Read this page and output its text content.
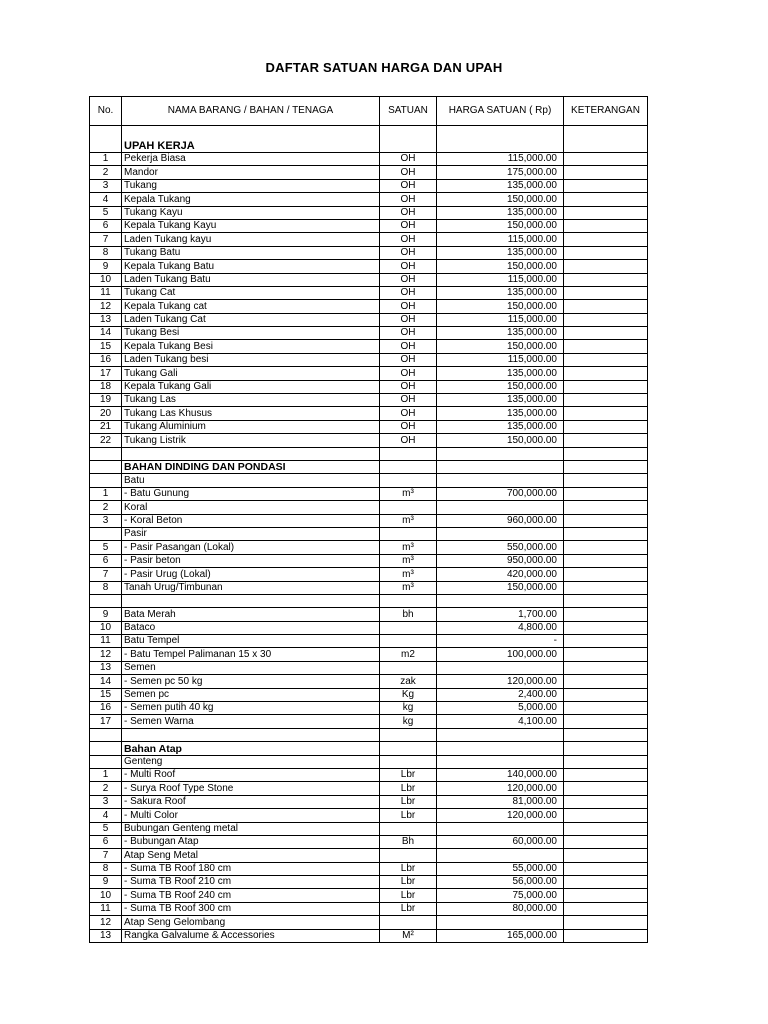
DAFTAR SATUAN HARGA DAN UPAH
No.	NAMA BARANG / BAHAN / TENAGA	SATUAN	HARGA SATUAN ( Rp)	KETERANGAN
	UPAH KERJA			
1	Pekerja Biasa	OH	115,000.00	
2	Mandor	OH	175,000.00	
3	Tukang	OH	135,000.00	
4	Kepala Tukang	OH	150,000.00	
5	Tukang Kayu	OH	135,000.00	
6	Kepala Tukang Kayu	OH	150,000.00	
7	Laden Tukang kayu	OH	115,000.00	
8	Tukang Batu	OH	135,000.00	
9	Kepala Tukang Batu	OH	150,000.00	
10	Laden Tukang Batu	OH	115,000.00	
11	Tukang Cat	OH	135,000.00	
12	Kepala Tukang cat	OH	150,000.00	
13	Laden Tukang Cat	OH	115,000.00	
14	Tukang Besi	OH	135,000.00	
15	Kepala Tukang Besi	OH	150,000.00	
16	Laden Tukang besi	OH	115,000.00	
17	Tukang Gali	OH	135,000.00	
18	Kepala Tukang Gali	OH	150,000.00	
19	Tukang Las	OH	135,000.00	
20	Tukang Las Khusus	OH	135,000.00	
21	Tukang Aluminium	OH	135,000.00	
22	Tukang Listrik	OH	150,000.00	

	BAHAN DINDING DAN PONDASI			
	Batu			
1	- Batu Gunung	m³	700,000.00	
2	Koral			
3	- Koral Beton	m³	960,000.00	
	Pasir			
5	- Pasir Pasangan (Lokal)	m³	550,000.00	
6	- Pasir beton	m³	950,000.00	
7	- Pasir Urug (Lokal)	m³	420,000.00	
8	Tanah Urug/Timbunan	m³	150,000.00	

9	Bata Merah	bh	1,700.00	
10	Bataco		4,800.00	
11	Batu Tempel		-	
12	- Batu Tempel Palimanan 15 x 30	m2	100,000.00	
13	Semen			
14	- Semen pc 50 kg	zak	120,000.00	
15	Semen pc	Kg	2,400.00	
16	- Semen putih 40 kg	kg	5,000.00	
17	- Semen Warna	kg	4,100.00	

	Bahan Atap			
	Genteng			
1	- Multi Roof	Lbr	140,000.00	
2	- Surya Roof Type Stone	Lbr	120,000.00	
3	- Sakura Roof	Lbr	81,000.00	
4	- Multi Color	Lbr	120,000.00	
5	Bubungan Genteng metal			
6	- Bubungan Atap	Bh	60,000.00	
7	Atap Seng Metal			
8	- Suma TB Roof 180 cm	Lbr	55,000.00	
9	- Suma TB Roof 210 cm	Lbr	56,000.00	
10	- Suma TB Roof 240 cm	Lbr	75,000.00	
11	- Suma TB Roof 300 cm	Lbr	80,000.00	
12	Atap Seng Gelombang			
13	Rangka Galvalume & Accessories	M²	165,000.00	
